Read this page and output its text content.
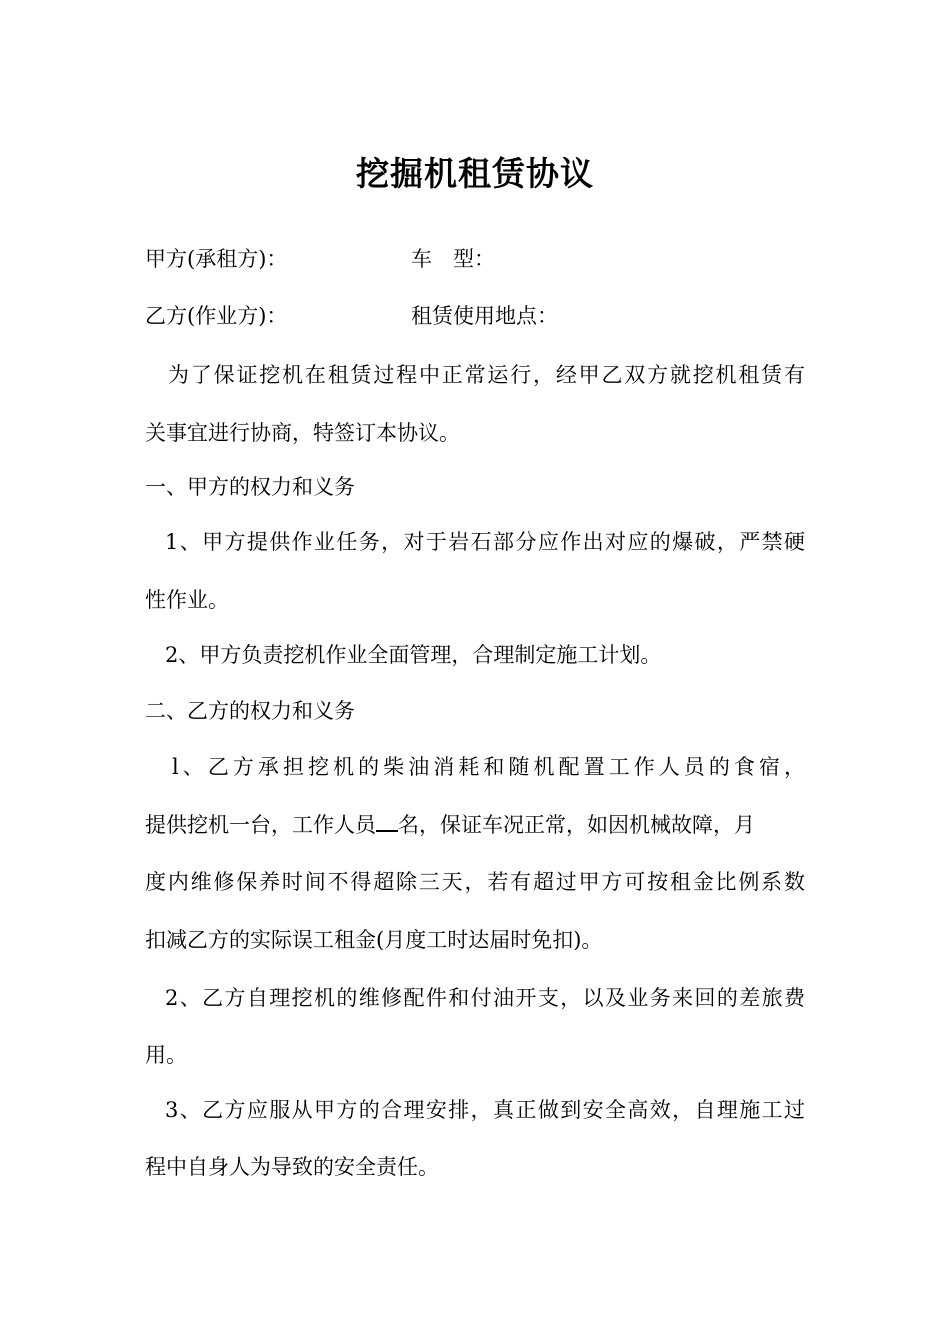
挖掘机租赁协议
甲方(承租方)：	车　型：
乙方(作业方)：	租赁使用地点：
为了保证挖机在租赁过程中正常运行，经甲乙双方就挖机租赁有
关事宜进行协商，特签订本协议。
一、甲方的权力和义务
1、甲方提供作业任务，对于岩石部分应作出对应的爆破，严禁硬
性作业。
2、甲方负责挖机作业全面管理，合理制定施工计划。
二、乙方的权力和义务
l、乙方承担挖机的柴油消耗和随机配置工作人员的食宿，
提供挖机一台，工作人员 名，保证车况正常，如因机械故障，月
度内维修保养时间不得超除三天，若有超过甲方可按租金比例系数
扣减乙方的实际误工租金(月度工时达届时免扣)。
2、乙方自理挖机的维修配件和付油开支，以及业务来回的差旅费
用。
3、乙方应服从甲方的合理安排，真正做到安全高效，自理施工过
程中自身人为导致的安全责任。
